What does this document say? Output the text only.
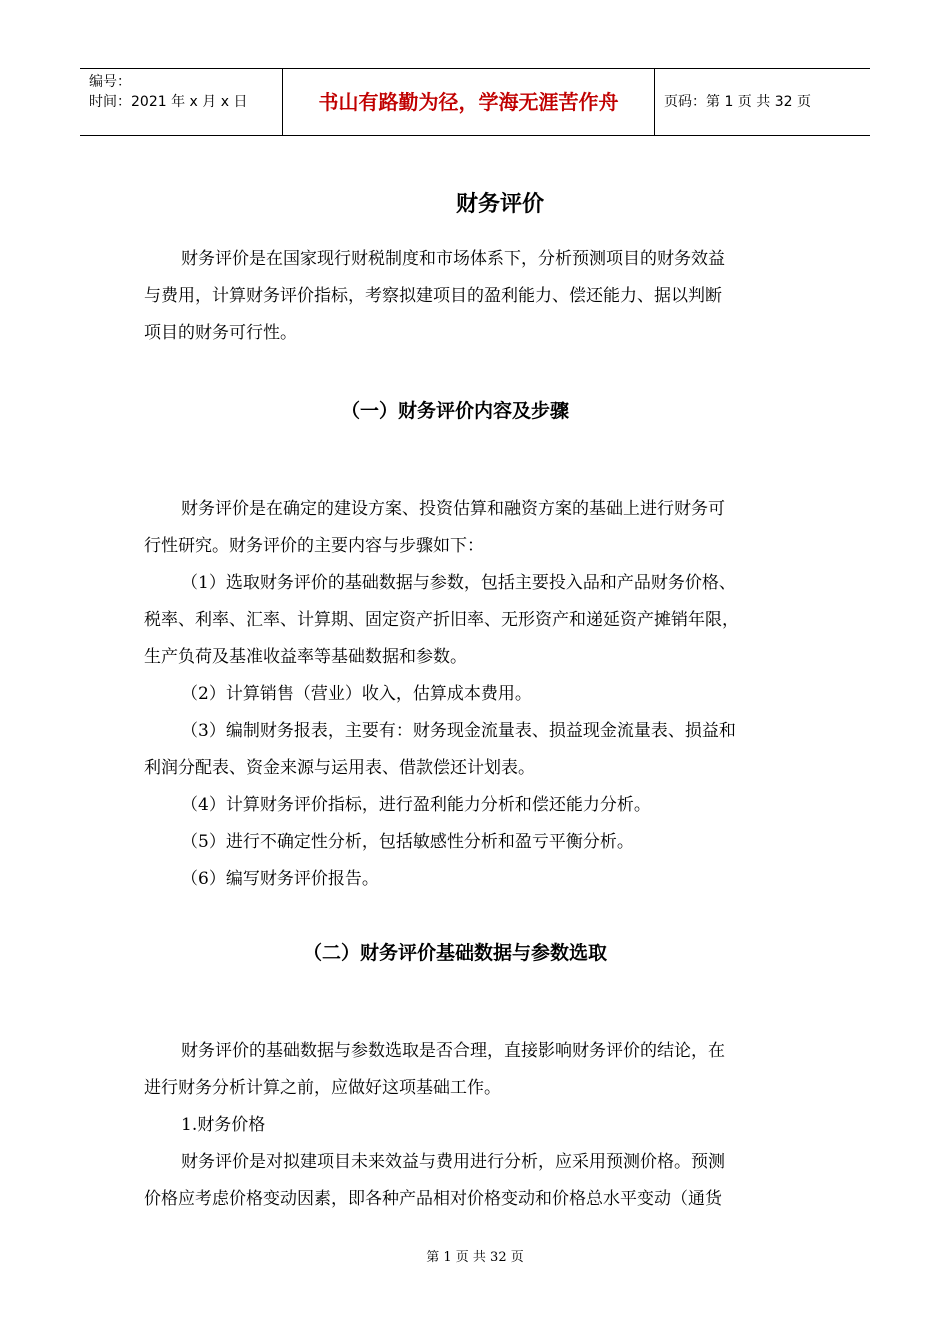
编号：
时间：2021 年 x 月 x 日	书山有路勤为径，学海无涯苦作舟	页码：第 1 页 共 32 页
财务评价
财务评价是在国家现行财税制度和市场体系下，分析预测项目的财务效益
与费用，计算财务评价指标，考察拟建项目的盈利能力、偿还能力、据以判断
项目的财务可行性。
（一）财务评价内容及步骤
财务评价是在确定的建设方案、投资估算和融资方案的基础上进行财务可
行性研究。财务评价的主要内容与步骤如下：
（1）选取财务评价的基础数据与参数，包括主要投入品和产品财务价格、
税率、利率、汇率、计算期、固定资产折旧率、无形资产和递延资产摊销年限，
生产负荷及基准收益率等基础数据和参数。
（2）计算销售（营业）收入，估算成本费用。
（3）编制财务报表，主要有：财务现金流量表、损益现金流量表、损益和
利润分配表、资金来源与运用表、借款偿还计划表。
（4）计算财务评价指标，进行盈利能力分析和偿还能力分析。
（5）进行不确定性分析，包括敏感性分析和盈亏平衡分析。
（6）编写财务评价报告。
（二）财务评价基础数据与参数选取
财务评价的基础数据与参数选取是否合理，直接影响财务评价的结论，在
进行财务分析计算之前，应做好这项基础工作。
1.财务价格
财务评价是对拟建项目未来效益与费用进行分析，应采用预测价格。预测
价格应考虑价格变动因素，即各种产品相对价格变动和价格总水平变动（通货
第 1 页 共 32 页
